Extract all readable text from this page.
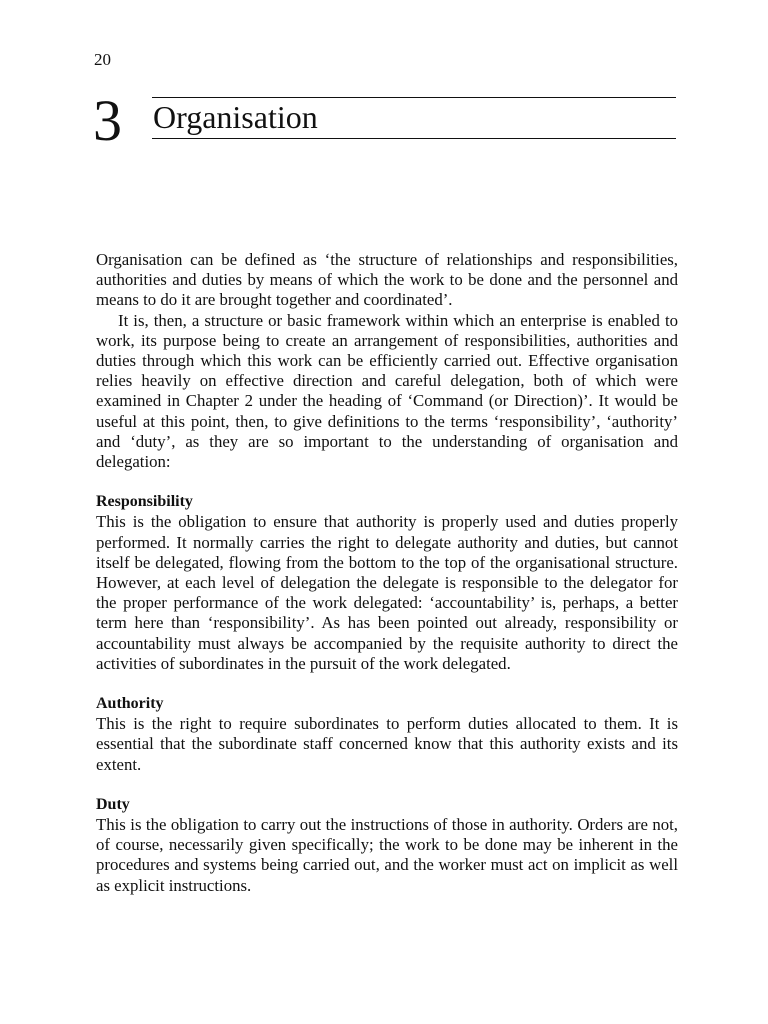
20
3 Organisation

Organisation can be defined as ‘the structure of relationships and responsibilities, authorities and duties by means of which the work to be done and the personnel and means to do it are brought together and coordinated’.

It is, then, a structure or basic framework within which an enterprise is enabled to work, its purpose being to create an arrangement of responsibilities, authorities and duties through which this work can be efficiently carried out. Effective organisation relies heavily on effective direction and careful delegation, both of which were examined in Chapter 2 under the heading of ‘Command (or Direction)’. It would be useful at this point, then, to give definitions to the terms ‘responsibility’, ‘authority’ and ‘duty’, as they are so important to the understanding of organisation and delegation:

Responsibility

This is the obligation to ensure that authority is properly used and duties properly performed. It normally carries the right to delegate authority and duties, but cannot itself be delegated, flowing from the bottom to the top of the organisational structure. However, at each level of delegation the delegate is responsible to the delegator for the proper performance of the work delegated: ‘accountability’ is, perhaps, a better term here than ‘responsibility’. As has been pointed out already, responsibility or accountability must always be accompanied by the requisite authority to direct the activities of subordinates in the pursuit of the work delegated.

Authority

This is the right to require subordinates to perform duties allocated to them. It is essential that the subordinate staff concerned know that this authority exists and its extent.

Duty

This is the obligation to carry out the instructions of those in authority. Orders are not, of course, necessarily given specifically; the work to be done may be inherent in the procedures and systems being carried out, and the worker must act on implicit as well as explicit instructions.
